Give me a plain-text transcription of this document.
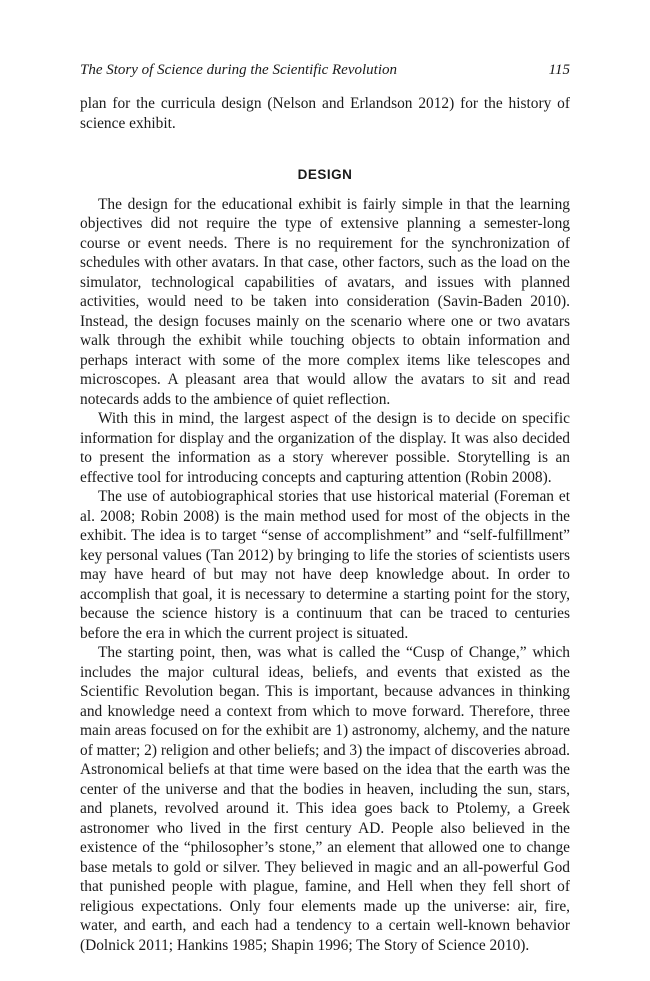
The Story of Science during the Scientific Revolution	115

plan for the curricula design (Nelson and Erlandson 2012) for the history of science exhibit.

DESIGN

The design for the educational exhibit is fairly simple in that the learning objectives did not require the type of extensive planning a semester-long course or event needs. There is no requirement for the synchronization of schedules with other avatars. In that case, other factors, such as the load on the simulator, technological capabilities of avatars, and issues with planned activities, would need to be taken into consideration (Savin-Baden 2010). Instead, the design focuses mainly on the scenario where one or two avatars walk through the exhibit while touching objects to obtain information and perhaps interact with some of the more complex items like telescopes and microscopes. A pleasant area that would allow the avatars to sit and read notecards adds to the ambience of quiet reflection.

With this in mind, the largest aspect of the design is to decide on specific information for display and the organization of the display. It was also decided to present the information as a story wherever possible. Storytelling is an effective tool for introducing concepts and capturing attention (Robin 2008).

The use of autobiographical stories that use historical material (Foreman et al. 2008; Robin 2008) is the main method used for most of the objects in the exhibit. The idea is to target “sense of accomplishment” and “self-fulfillment” key personal values (Tan 2012) by bringing to life the stories of scientists users may have heard of but may not have deep knowledge about. In order to accomplish that goal, it is necessary to determine a starting point for the story, because the science history is a continuum that can be traced to centuries before the era in which the current project is situated.

The starting point, then, was what is called the “Cusp of Change,” which includes the major cultural ideas, beliefs, and events that existed as the Scientific Revolution began. This is important, because advances in thinking and knowledge need a context from which to move forward. Therefore, three main areas focused on for the exhibit are 1) astronomy, alchemy, and the nature of matter; 2) religion and other beliefs; and 3) the impact of discoveries abroad. Astronomical beliefs at that time were based on the idea that the earth was the center of the universe and that the bodies in heaven, including the sun, stars, and planets, revolved around it. This idea goes back to Ptolemy, a Greek astronomer who lived in the first century AD. People also believed in the existence of the “philosopher’s stone,” an element that allowed one to change base metals to gold or silver. They believed in magic and an all-powerful God that punished people with plague, famine, and Hell when they fell short of religious expectations. Only four elements made up the universe: air, fire, water, and earth, and each had a tendency to a certain well-known behavior (Dolnick 2011; Hankins 1985; Shapin 1996; The Story of Science 2010).
